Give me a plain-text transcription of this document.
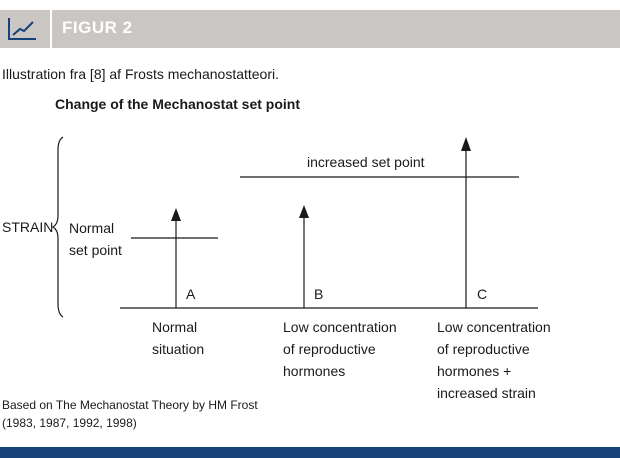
FIGUR 2
Illustration fra [8] af Frosts mechanostatteori.
Change of the Mechanostat set point
STRAIN Normal
set point
increased set point
A	B	C
Normal
situation
Low concentration
of reproductive
hormones
Low concentration
of reproductive
hormones +
increased strain
Based on The Mechanostat Theory by HM Frost
(1983, 1987, 1992, 1998)
